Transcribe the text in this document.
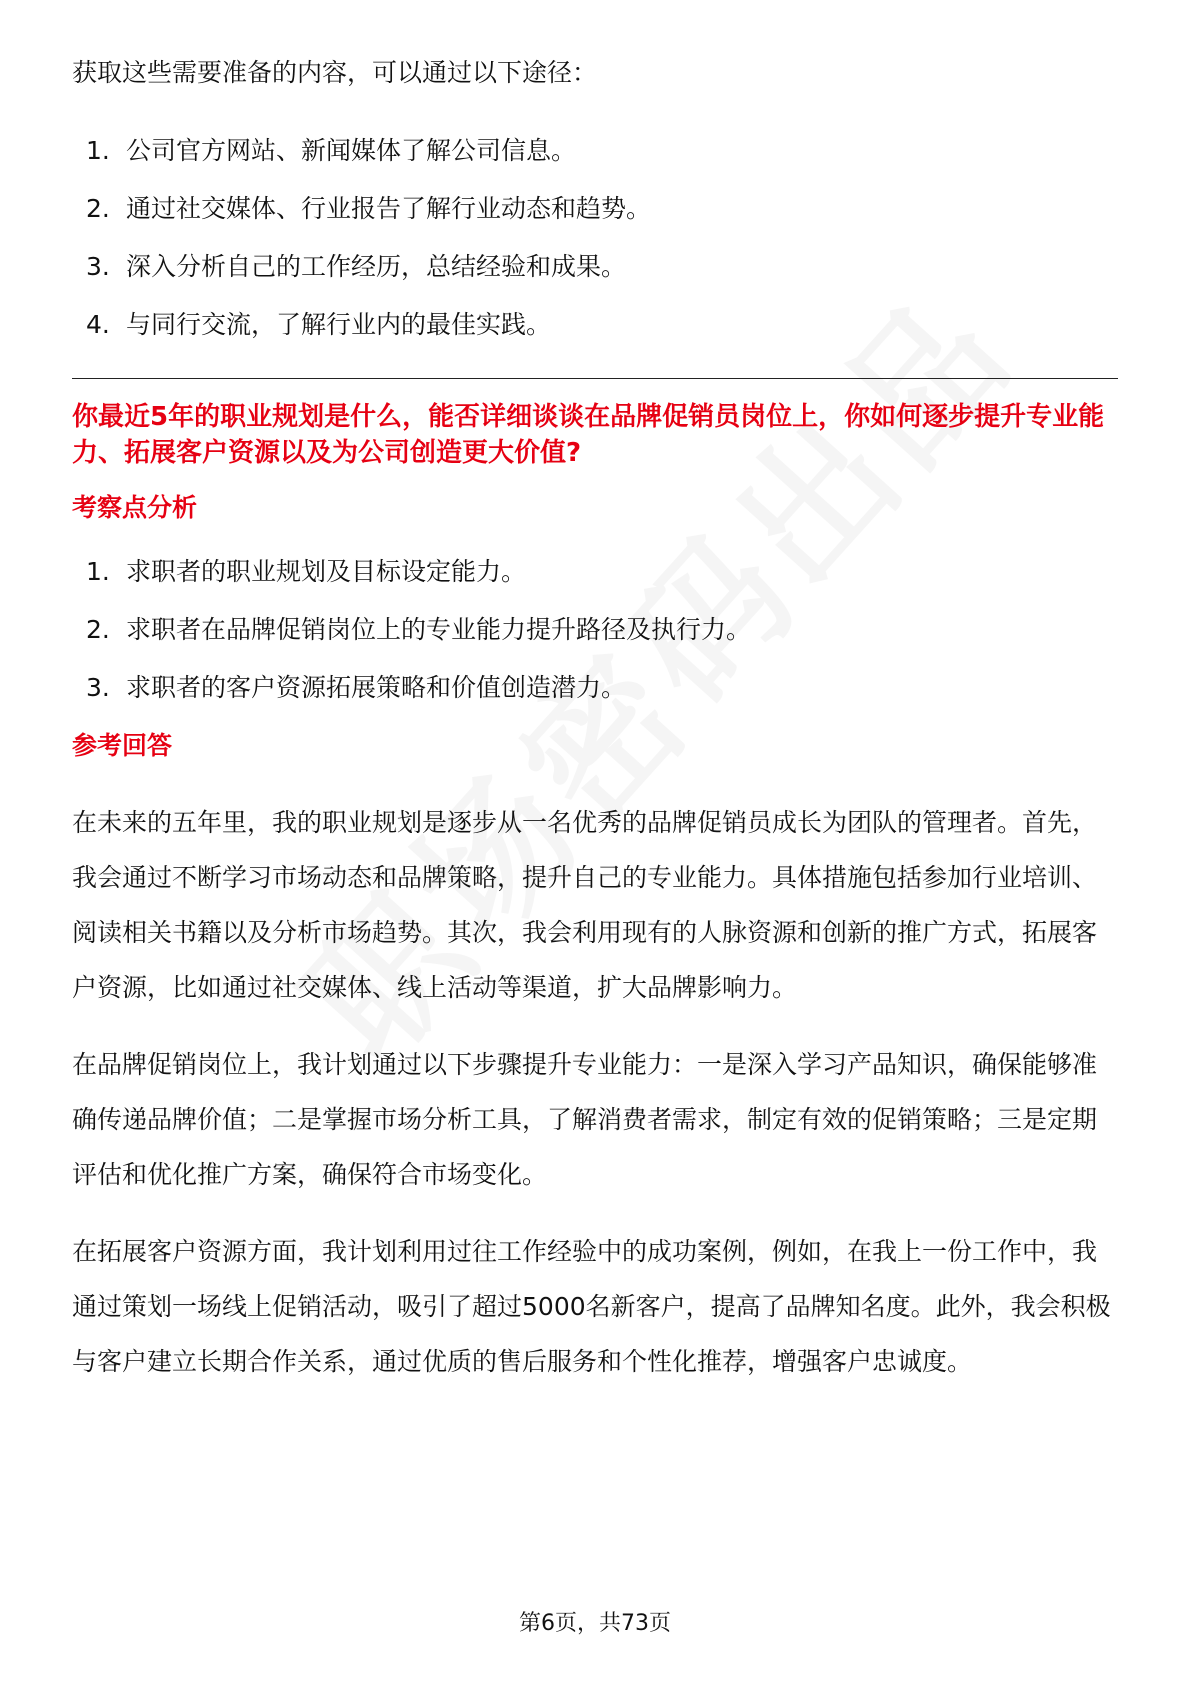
获取这些需要准备的内容，可以通过以下途径：

1. 公司官方网站、新闻媒体了解公司信息。
2. 通过社交媒体、行业报告了解行业动态和趋势。
3. 深入分析自己的工作经历，总结经验和成果。
4. 与同行交流，了解行业内的最佳实践。

你最近5年的职业规划是什么，能否详细谈谈在品牌促销员岗位上，你如何逐步提升专业能力、拓展客户资源以及为公司创造更大价值?

考察点分析

1. 求职者的职业规划及目标设定能力。
2. 求职者在品牌促销岗位上的专业能力提升路径及执行力。
3. 求职者的客户资源拓展策略和价值创造潜力。

参考回答

在未来的五年里，我的职业规划是逐步从一名优秀的品牌促销员成长为团队的管理者。首先，我会通过不断学习市场动态和品牌策略，提升自己的专业能力。具体措施包括参加行业培训、阅读相关书籍以及分析市场趋势。其次，我会利用现有的人脉资源和创新的推广方式，拓展客户资源，比如通过社交媒体、线上活动等渠道，扩大品牌影响力。

在品牌促销岗位上，我计划通过以下步骤提升专业能力：一是深入学习产品知识，确保能够准确传递品牌价值；二是掌握市场分析工具，了解消费者需求，制定有效的促销策略；三是定期评估和优化推广方案，确保符合市场变化。

在拓展客户资源方面，我计划利用过往工作经验中的成功案例，例如，在我上一份工作中，我通过策划一场线上促销活动，吸引了超过5000名新客户，提高了品牌知名度。此外，我会积极与客户建立长期合作关系，通过优质的售后服务和个性化推荐，增强客户忠诚度。

第6页，共73页
